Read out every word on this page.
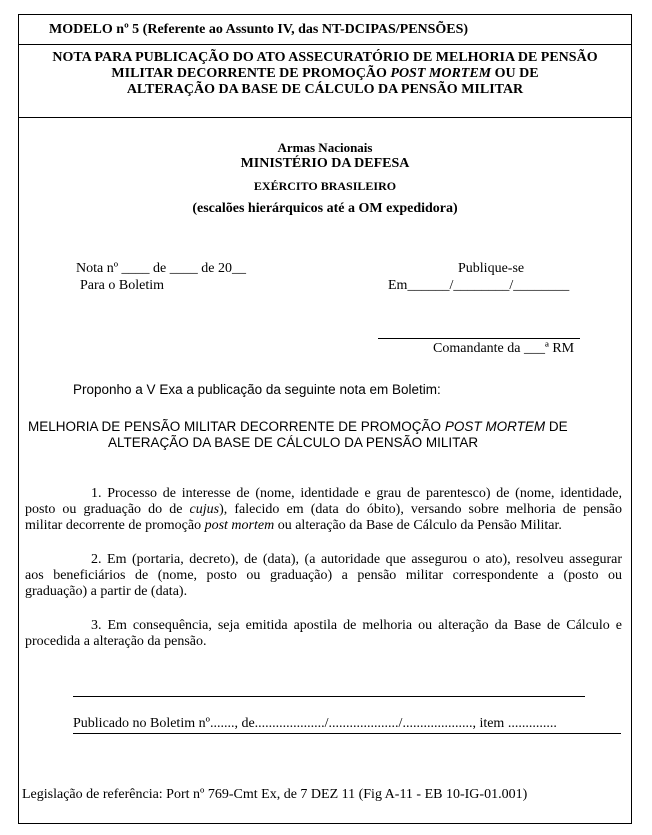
MODELO nº 5 (Referente ao Assunto IV, das NT-DCIPAS/PENSÕES)
NOTA PARA PUBLICAÇÃO DO ATO ASSECURATÓRIO DE MELHORIA DE PENSÃO
MILITAR DECORRENTE DE PROMOÇÃO POST MORTEM OU DE
ALTERAÇÃO DA BASE DE CÁLCULO DA PENSÃO MILITAR
Armas Nacionais
MINISTÉRIO DA DEFESA
EXÉRCITO BRASILEIRO
(escalões hierárquicos até a OM expedidora)
Nota nº ____ de ____ de 20__
Para o Boletim
Publique-se
Em______/________/________
Comandante da ___ª RM
Proponho a V Exa a publicação da seguinte nota em Boletim:
MELHORIA DE PENSÃO MILITAR DECORRENTE DE PROMOÇÃO POST MORTEM DE
ALTERAÇÃO DA BASE DE CÁLCULO DA PENSÃO MILITAR
1. Processo de interesse de (nome, identidade e grau de parentesco) de (nome, identidade,
posto ou graduação do de cujus), falecido em (data do óbito), versando sobre melhoria de pensão
militar decorrente de promoção post mortem ou alteração da Base de Cálculo da Pensão Militar.
2. Em (portaria, decreto), de (data), (a autoridade que assegurou o ato), resolveu assegurar
aos beneficiários de (nome, posto ou graduação) a pensão militar correspondente a (posto ou
graduação) a partir de (data).
3. Em consequência, seja emitida apostila de melhoria ou alteração da Base de Cálculo e
procedida a alteração da pensão.
Publicado no Boletim nº......., de..................../..................../...................., item ..............
Legislação de referência: Port nº 769-Cmt Ex, de 7 DEZ 11 (Fig A-11 - EB 10-IG-01.001)
